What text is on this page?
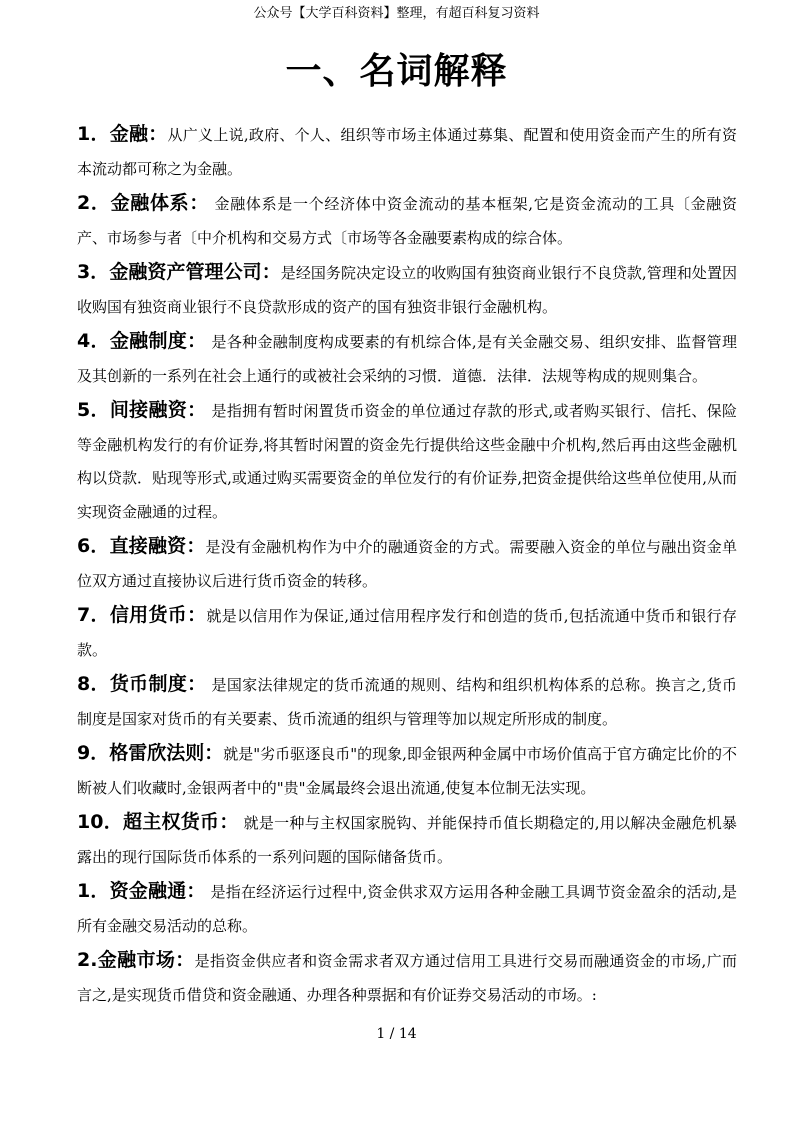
公众号【大学百科资料】整理，有超百科复习资料
一、名词解释

1．金融：从广义上说,政府、个人、组织等市场主体通过募集、配置和使用资金而产生的所有资本流动都可称之为金融。

2．金融体系： 金融体系是一个经济体中资金流动的基本框架,它是资金流动的工具〔金融资产、市场参与者〔中介机构和交易方式〔市场等各金融要素构成的综合体。

3．金融资产管理公司：是经国务院决定设立的收购国有独资商业银行不良贷款,管理和处置因收购国有独资商业银行不良贷款形成的资产的国有独资非银行金融机构。

4．金融制度： 是各种金融制度构成要素的有机综合体,是有关金融交易、组织安排、监督管理及其创新的一系列在社会上通行的或被社会采纳的习惯．道德．法律．法规等构成的规则集合。

5．间接融资： 是指拥有暂时闲置货币资金的单位通过存款的形式,或者购买银行、信托、保险等金融机构发行的有价证券,将其暂时闲置的资金先行提供给这些金融中介机构,然后再由这些金融机构以贷款．贴现等形式,或通过购买需要资金的单位发行的有价证券,把资金提供给这些单位使用,从而实现资金融通的过程。

6．直接融资：是没有金融机构作为中介的融通资金的方式。需要融入资金的单位与融出资金单位双方通过直接协议后进行货币资金的转移。

7．信用货币：就是以信用作为保证,通过信用程序发行和创造的货币,包括流通中货币和银行存款。

8．货币制度： 是国家法律规定的货币流通的规则、结构和组织机构体系的总称。换言之,货币制度是国家对货币的有关要素、货币流通的组织与管理等加以规定所形成的制度。

9．格雷欣法则：就是"劣币驱逐良币"的现象,即金银两种金属中市场价值高于官方确定比价的不断被人们收藏时,金银两者中的"贵"金属最终会退出流通,使复本位制无法实现。

10．超主权货币： 就是一种与主权国家脱钩、并能保持币值长期稳定的,用以解决金融危机暴露出的现行国际货币体系的一系列问题的国际储备货币。

1．资金融通： 是指在经济运行过程中,资金供求双方运用各种金融工具调节资金盈余的活动,是所有金融交易活动的总称。

2.金融市场：是指资金供应者和资金需求者双方通过信用工具进行交易而融通资金的市场,广而言之,是实现货币借贷和资金融通、办理各种票据和有价证券交易活动的市场。:

1 / 14
